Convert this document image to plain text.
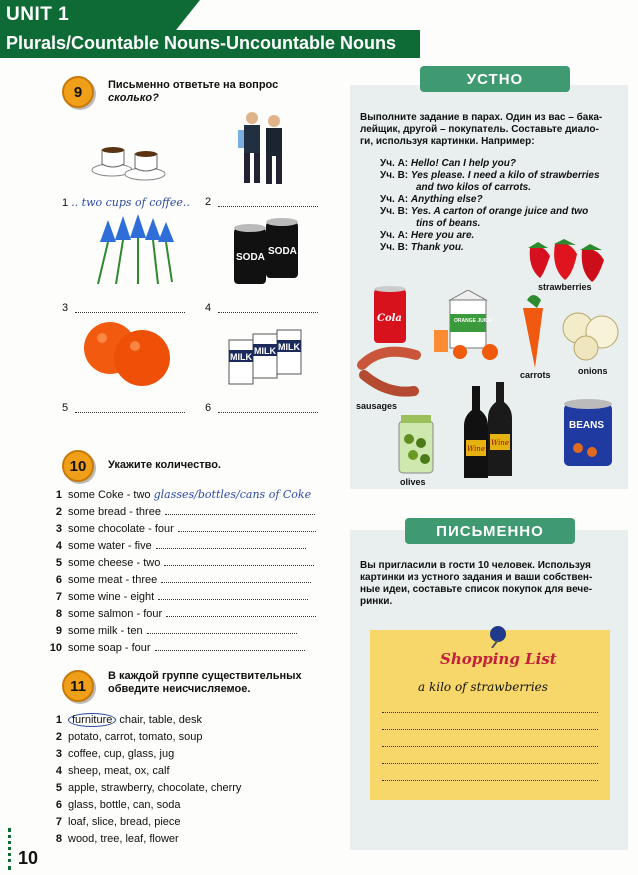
UNIT 1
Plurals/Countable Nouns-Uncountable Nouns
9	Письменно ответьте на вопрос
сколько?
1 .. two cups of coffee.. 2
SODA
SODA
3	4
MILK
MILK MILK
5	6
10	Укажите количество.
1 some Coke - two glasses/bottles/cans of Coke
2 some bread - three
3 some chocolate - four
4 some water - five
5 some cheese - two
6 some meat - three
7 some wine - eight
8 some salmon - four
9 some milk - ten
10 some soap - four
11
В каждой группе существительных
обведите неисчисляемое.
1 furniture chair, table, desk
2 potato, carrot, tomato, soup
3 coffee, cup, glass, jug
4 sheep, meat, ox, calf
5 apple, strawberry, chocolate, cherry
6 glass, bottle, can, soda
7 loaf, slice, bread, piece
8 wood, tree, leaf, flower
10
УСТНО
Выполните задание в парах. Один из вас – бака-
лейщик, другой – покупатель. Составьте диало-
ги, используя картинки. Например:
Уч. А: Hello! Can I help you?
Уч. В: Yes please. I need a kilo of strawberries
and two kilos of carrots.
Уч. А: Anything else?
Уч. В: Yes. A carton of orange juice and two
tins of beans.
Уч. А: Here you are.
Уч. В: Thank you.
strawberries
Cola	ORANGE JUICE
carrots	onions
sausages
olives
Wine
Wine
BEANS
ПИСЬМЕННО
Вы пригласили в гости 10 человек. Используя
картинки из устного задания и ваши собствен-
ные идеи, составьте список покупок для вече-
ринки.
Shopping List
a kilo of strawberries
